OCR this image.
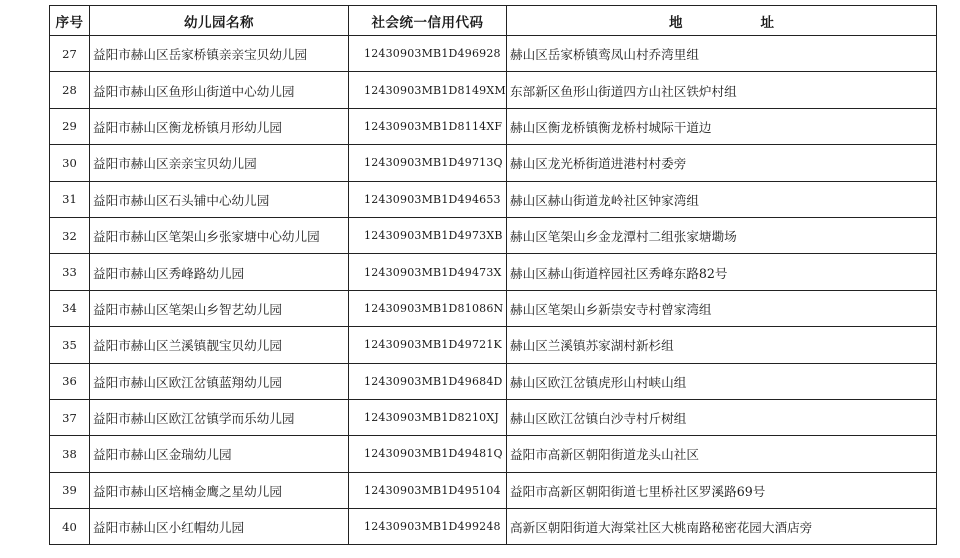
序号	幼儿园名称	社会统一信用代码	地 址
27	益阳市赫山区岳家桥镇亲亲宝贝幼儿园	12430903MB1D496928	赫山区岳家桥镇鸾凤山村乔湾里组
28	益阳市赫山区鱼形山街道中心幼儿园	12430903MB1D8149XM	东部新区鱼形山街道四方山社区铁炉村组
29	益阳市赫山区衡龙桥镇月形幼儿园	12430903MB1D8114XF	赫山区衡龙桥镇衡龙桥村城际干道边
30	益阳市赫山区亲亲宝贝幼儿园	12430903MB1D49713Q	赫山区龙光桥街道进港村村委旁
31	益阳市赫山区石头铺中心幼儿园	12430903MB1D494653	赫山区赫山街道龙岭社区钟家湾组
32	益阳市赫山区笔架山乡张家塘中心幼儿园	12430903MB1D4973XB	赫山区笔架山乡金龙潭村二组张家塘墈场
33	益阳市赫山区秀峰路幼儿园	12430903MB1D49473X	赫山区赫山街道梓园社区秀峰东路82号
34	益阳市赫山区笔架山乡智艺幼儿园	12430903MB1D81086N	赫山区笔架山乡新崇安寺村曾家湾组
35	益阳市赫山区兰溪镇靓宝贝幼儿园	12430903MB1D49721K	赫山区兰溪镇苏家湖村新杉组
36	益阳市赫山区欧江岔镇蓝翔幼儿园	12430903MB1D49684D	赫山区欧江岔镇虎形山村峡山组
37	益阳市赫山区欧江岔镇学而乐幼儿园	12430903MB1D8210XJ	赫山区欧江岔镇白沙寺村斤树组
38	益阳市赫山区金瑞幼儿园	12430903MB1D49481Q	益阳市高新区朝阳街道龙头山社区
39	益阳市赫山区培楠金鹰之星幼儿园	12430903MB1D495104	益阳市高新区朝阳街道七里桥社区罗溪路69号
40	益阳市赫山区小红帽幼儿园	12430903MB1D499248	高新区朝阳街道大海棠社区大桃南路秘密花园大酒店旁
